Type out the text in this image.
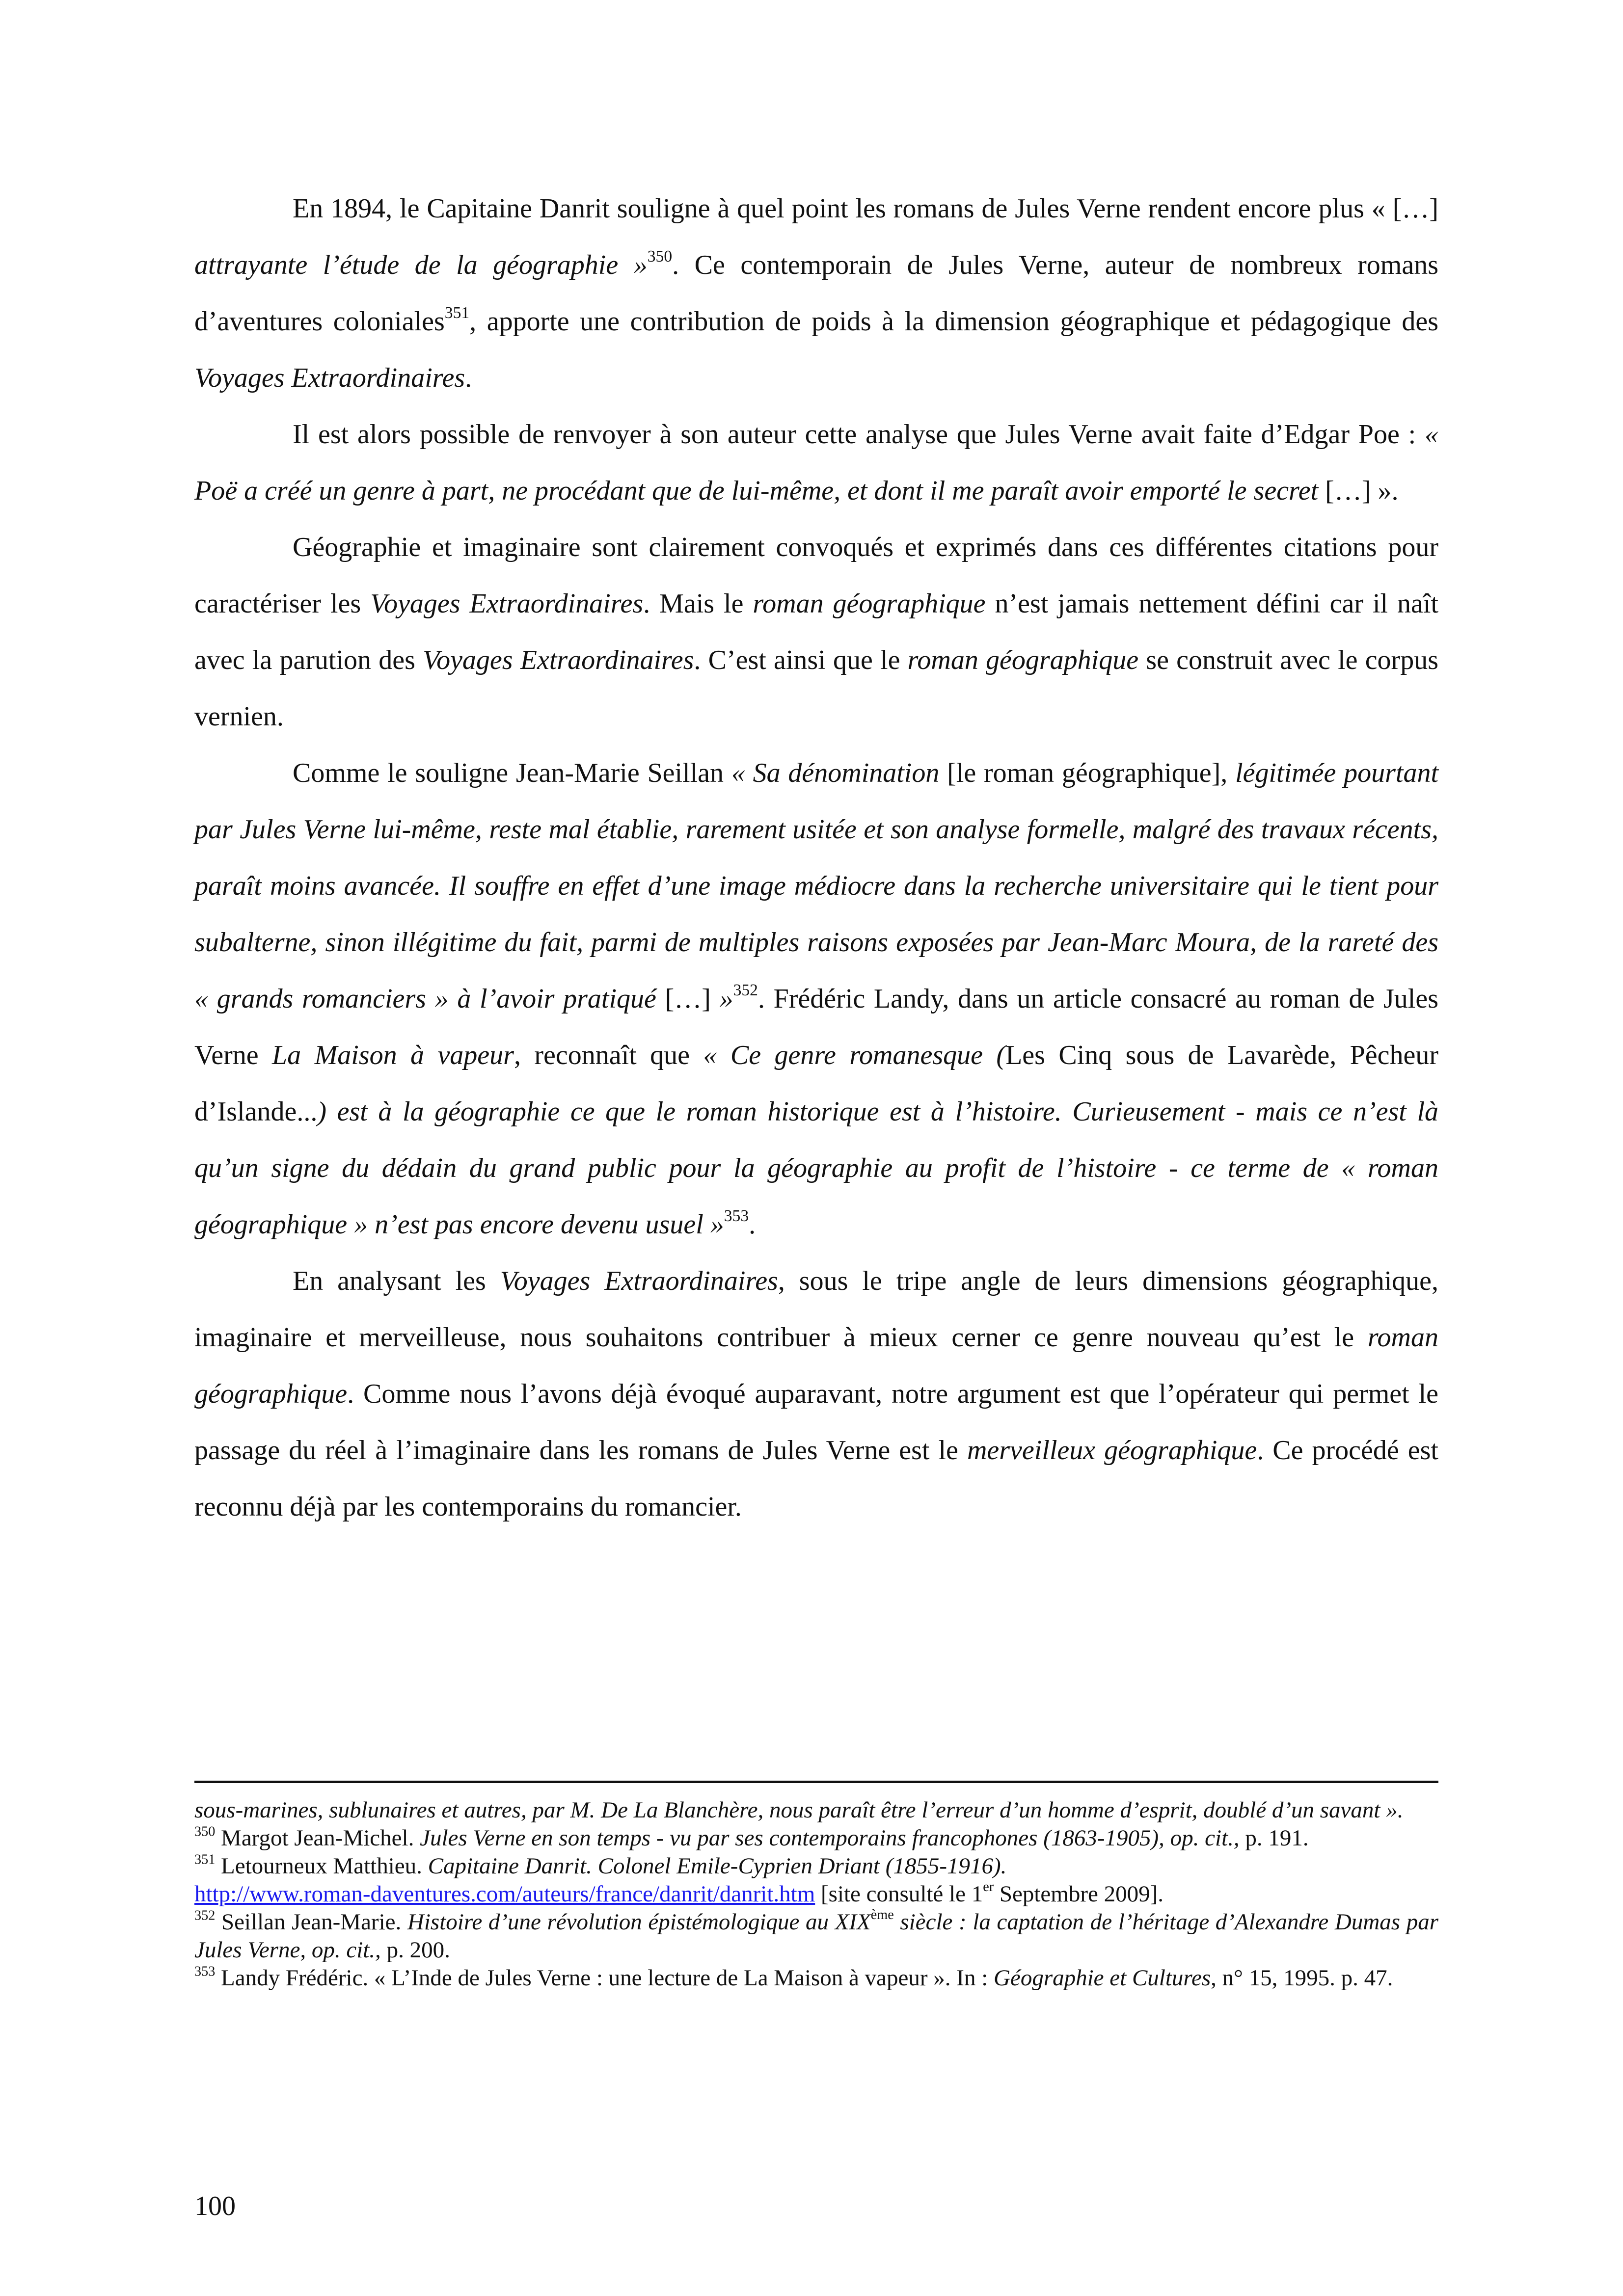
En 1894, le Capitaine Danrit souligne à quel point les romans de Jules Verne rendent encore plus « […] attrayante l’étude de la géographie »$^{350}$. Ce contemporain de Jules Verne, auteur de nombreux romans d’aventures coloniales$^{351}$, apporte une contribution de poids à la dimension géographique et pédagogique des Voyages Extraordinaires.

Il est alors possible de renvoyer à son auteur cette analyse que Jules Verne avait faite d’Edgar Poe : « Poë a créé un genre à part, ne procédant que de lui-même, et dont il me paraît avoir emporté le secret […] ».

Géographie et imaginaire sont clairement convoqués et exprimés dans ces différentes citations pour caractériser les Voyages Extraordinaires. Mais le roman géographique n’est jamais nettement défini car il naît avec la parution des Voyages Extraordinaires. C’est ainsi que le roman géographique se construit avec le corpus vernien.

Comme le souligne Jean-Marie Seillan « Sa dénomination [le roman géographique], légitimée pourtant par Jules Verne lui-même, reste mal établie, rarement usitée et son analyse formelle, malgré des travaux récents, paraît moins avancée. Il souffre en effet d’une image médiocre dans la recherche universitaire qui le tient pour subalterne, sinon illégitime du fait, parmi de multiples raisons exposées par Jean-Marc Moura, de la rareté des « grands romanciers » à l’avoir pratiqué […] »$^{352}$. Frédéric Landy, dans un article consacré au roman de Jules Verne La Maison à vapeur, reconnaît que « Ce genre romanesque (Les Cinq sous de Lavarède, Pêcheur d’Islande...) est à la géographie ce que le roman historique est à l’histoire. Curieusement - mais ce n’est là qu’un signe du dédain du grand public pour la géographie au profit de l’histoire - ce terme de « roman géographique » n’est pas encore devenu usuel »$^{353}$.

En analysant les Voyages Extraordinaires, sous le tripe angle de leurs dimensions géographique, imaginaire et merveilleuse, nous souhaitons contribuer à mieux cerner ce genre nouveau qu’est le roman géographique. Comme nous l’avons déjà évoqué auparavant, notre argument est que l’opérateur qui permet le passage du réel à l’imaginaire dans les romans de Jules Verne est le merveilleux géographique. Ce procédé est reconnu déjà par les contemporains du romancier.

sous-marines, sublunaires et autres, par M. De La Blanchère, nous paraît être l’erreur d’un homme d’esprit, doublé d’un savant ».

$^{350}$ Margot Jean-Michel. Jules Verne en son temps - vu par ses contemporains francophones (1863-1905), op. cit., p. 191.

$^{351}$ Letourneux Matthieu. Capitaine Danrit. Colonel Emile-Cyprien Driant (1855-1916).
http://www.roman-daventures.com/auteurs/france/danrit/danrit.htm [site consulté le 1er Septembre 2009].

$^{352}$ Seillan Jean-Marie. Histoire d’une révolution épistémologique au XIXème siècle : la captation de l’héritage d’Alexandre Dumas par Jules Verne, op. cit., p. 200.

$^{353}$ Landy Frédéric. « L’Inde de Jules Verne : une lecture de La Maison à vapeur ». In : Géographie et Cultures, n° 15, 1995. p. 47.

100
